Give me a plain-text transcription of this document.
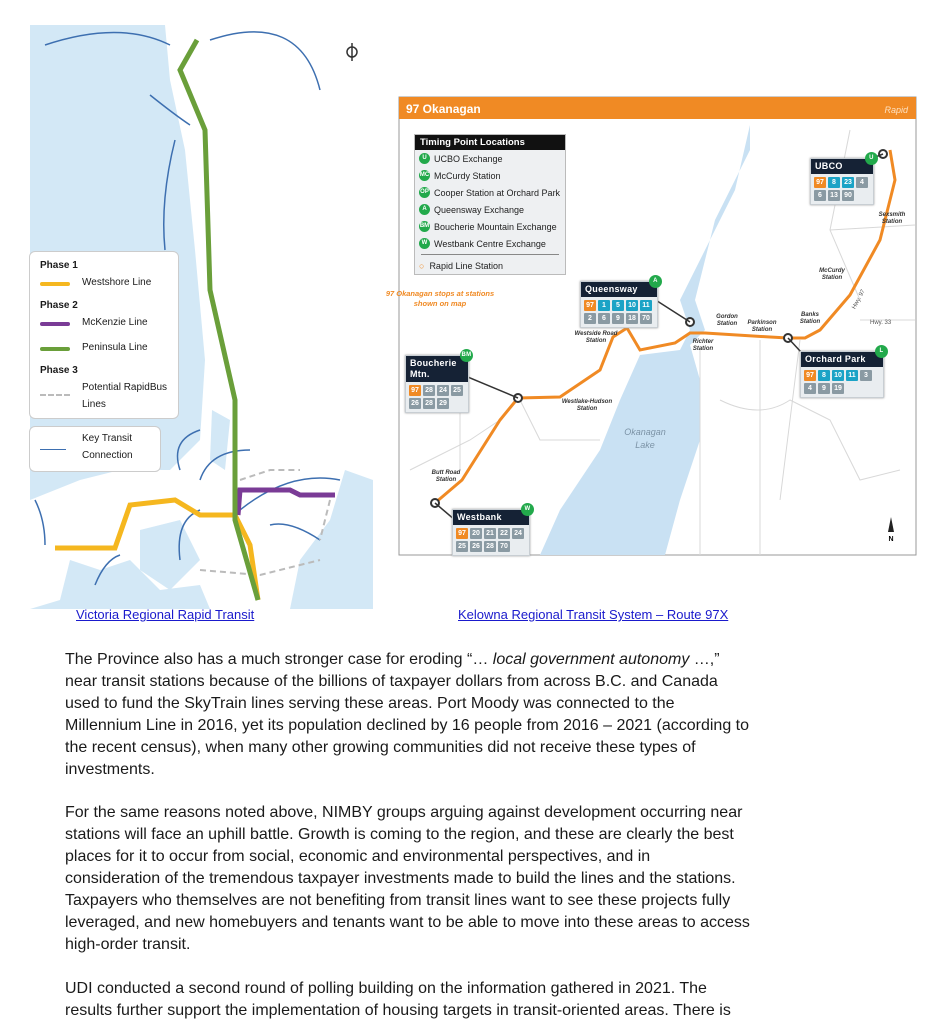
Phase 1
Westshore Line
Phase 2
McKenzie Line
Peninsula Line
Phase 3
Potential RapidBus
Lines
Key Transit
Connection
Victoria Regional Rapid Transit
97 Okanagan	Rapid
Okanagan
Lake
Hwy. 33
Hwy. 97
Sexsmith
Station
McCurdy
Station
Banks
Station
Gordon
Station Parkinson
Station
Richter
Station
Westside Road
Station
Westlake-Hudson
Station
Butt Road
Station
97 Okanagan stops at stations
shown on map
N
Timing Point Locations
U UCBO Exchange
MC McCurdy Station
OP Cooper Station at Orchard Park
A Queensway Exchange
BM Boucherie Mountain Exchange
W Westbank Centre Exchange
○ Rapid Line Station
UBCO
U
97	8	23	4
6	13 90
Queensway
A
97	1	5	10 11
2	6	9	18 70
Orchard Park
L
97	8	10 11	3
4	9	19
Boucherie Mtn.
BM
97 28 24 25
26 28 29
Westbank
W
97 20 21 22 24
25 26 28 70
Kelowna Regional Transit System – Route 97X
The Province also has a much stronger case for eroding “… local government autonomy …,”
near transit stations because of the billions of taxpayer dollars from across B.C. and Canada
used to fund the SkyTrain lines serving these areas. Port Moody was connected to the
Millennium Line in 2016, yet its population declined by 16 people from 2016 – 2021 (according to
the recent census), when many other growing communities did not receive these types of
investments.
For the same reasons noted above, NIMBY groups arguing against development occurring near
stations will face an uphill battle. Growth is coming to the region, and these are clearly the best
places for it to occur from social, economic and environmental perspectives, and in
consideration of the tremendous taxpayer investments made to build the lines and the stations.
Taxpayers who themselves are not benefiting from transit lines want to see these projects fully
leveraged, and new homebuyers and tenants want to be able to move into these areas to access
high-order transit.
UDI conducted a second round of polling building on the information gathered in 2021. The
results further support the implementation of housing targets in transit-oriented areas. There is
